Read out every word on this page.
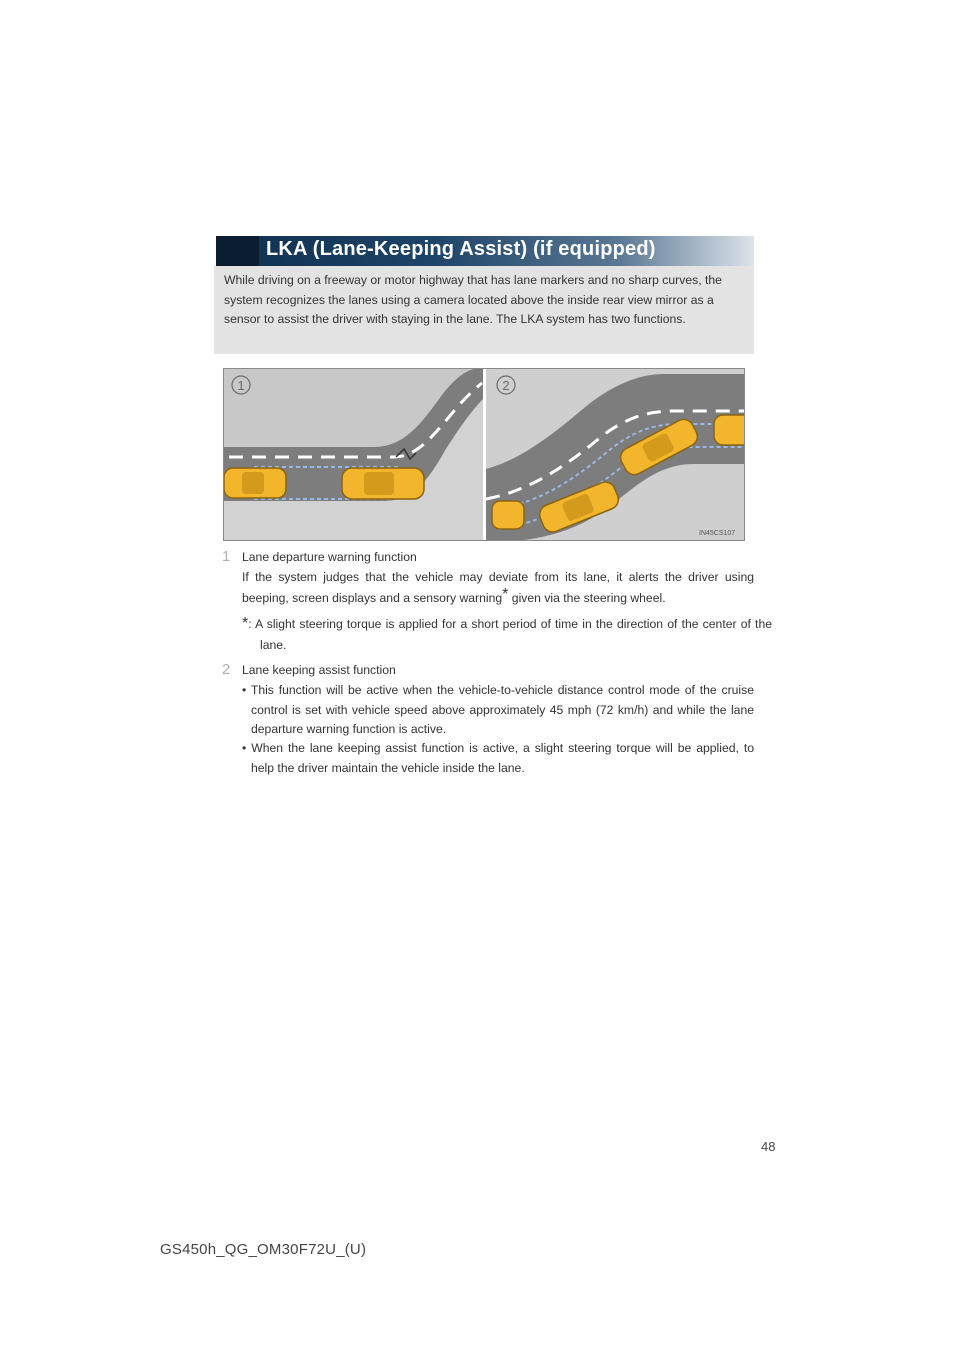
LKA (Lane-Keeping Assist) (if equipped)
While driving on a freeway or motor highway that has lane markers and no sharp curves, the system recognizes the lanes using a camera located above the inside rear view mirror as a sensor to assist the driver with staying in the lane. The LKA system has two functions.
1	2
IN45CS107
1 Lane departure warning function
If the system judges that the vehicle may deviate from its lane, it alerts the driver using beeping, screen displays and a sensory warning* given via the steering wheel.
*: A slight steering torque is applied for a short period of time in the direction of the center of the lane.
2 Lane keeping assist function
• This function will be active when the vehicle-to-vehicle distance control mode of the cruise control is set with vehicle speed above approximately 45 mph (72 km/h) and while the lane departure warning function is active.
• When the lane keeping assist function is active, a slight steering torque will be applied, to help the driver maintain the vehicle inside the lane.
48
GS450h_QG_OM30F72U_(U)
